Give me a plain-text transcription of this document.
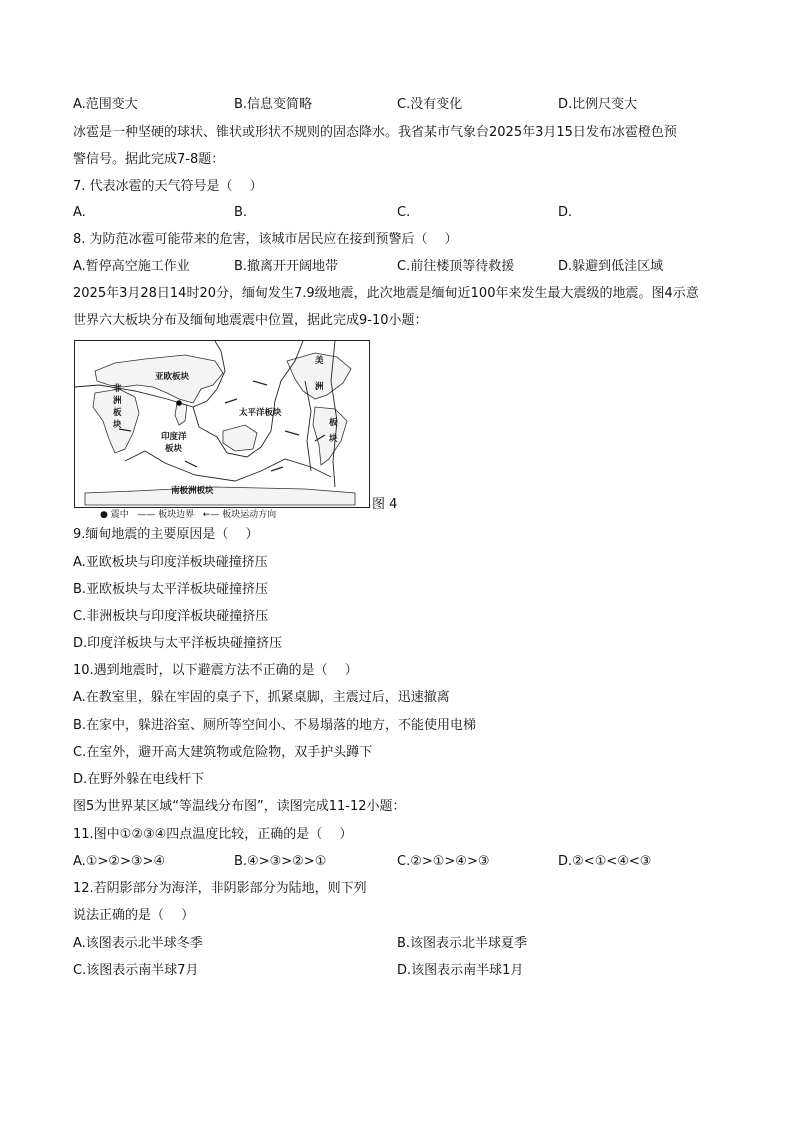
A.范围变大	B.信息变简略	C.没有变化	D.比例尺变大
冰雹是一种坚硬的球状、锥状或形状不规则的固态降水。我省某市气象台2025年3月15日发布冰雹橙色预
警信号。据此完成7-8题：
7. 代表冰雹的天气符号是（　 ）
A.	B.	C.	D.
8. 为防范冰雹可能带来的危害，该城市居民应在接到预警后（　 ）
A.暂停高空施工作业	B.撤离开开阔地带	C.前往楼顶等待救援	D.躲避到低洼区域
2025年3月28日14时20分，缅甸发生7.9级地震，此次地震是缅甸近100年来发生最大震级的地震。图4示意
世界六大板块分布及缅甸地震震中位置，据此完成9-10小题：
亚欧板块
非
洲
板
块
印度洋
板块
太平洋板块
美
洲
板
块
南极洲板块
图 4
● 震中 —— 板块边界 ←— 板块运动方向
9.缅甸地震的主要原因是（　 ）
A.亚欧板块与印度洋板块碰撞挤压
B.亚欧板块与太平洋板块碰撞挤压
C.非洲板块与印度洋板块碰撞挤压
D.印度洋板块与太平洋板块碰撞挤压
10.遇到地震时，以下避震方法不正确的是（　 ）
A.在教室里，躲在牢固的桌子下，抓紧桌脚，主震过后，迅速撤离
B.在家中，躲进浴室、厕所等空间小、不易塌落的地方，不能使用电梯
C.在室外，避开高大建筑物或危险物，双手护头蹲下
D.在野外躲在电线杆下
图5为世界某区域“等温线分布图”，读图完成11-12小题：
11.图中①②③④四点温度比较，正确的是（　 ）
A.①>②>③>④	B.④>③>②>①	C.②>①>④>③	D.②<①<④<③
12.若阴影部分为海洋，非阴影部分为陆地，则下列
说法正确的是（　 ）
A.该图表示北半球冬季	B.该图表示北半球夏季
C.该图表示南半球7月	D.该图表示南半球1月
